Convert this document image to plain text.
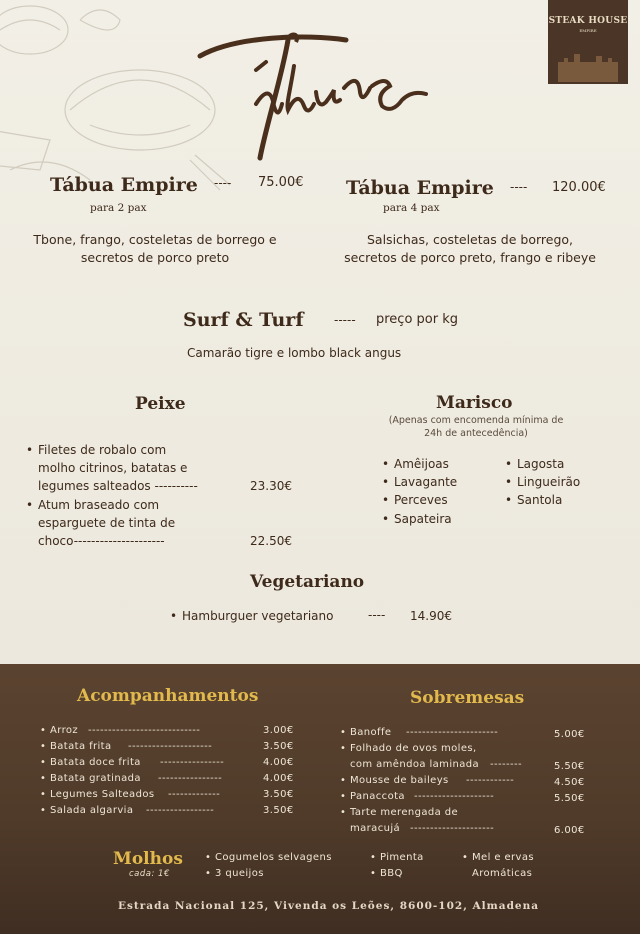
STEAK HOUSE
EMPIRE
Tábuas
Tábua Empire ---- 75.00€
para 2 pax
Tbone, frango, costeletas de borrego e secretos de porco preto
Tábua Empire ---- 120.00€
para 4 pax
Salsichas, costeletas de borrego, secretos de porco preto, frango e ribeye
Surf & Turf	----- preço por kg
Camarão tigre e lombo black angus
Peixe
• Filetes de robalo com
molho citrinos, batatas e
legumes salteados ----------	23.30€
• Atum braseado com
esparguete de tinta de
choco---------------------	22.50€
Marisco
(Apenas com encomenda mínima de 24h de antecedência)
• Amêijoas
• Lavagante
• Perceves
• Sapateira
• Lagosta
• Lingueirão
• Santola
Vegetariano
• Hamburguer vegetariano	---- 14.90€
Acompanhamentos
• Arroz ----------------------------	3.00€
• Batata frita ---------------------	3.50€
• Batata doce frita ----------------	4.00€
• Batata gratinada ----------------	4.00€
• Legumes Salteados -------------	3.50€
• Salada algarvia -----------------	3.50€
Sobremesas
• Banoffe -----------------------	5.00€
• Folhado de ovos moles,
com amêndoa laminada --------	5.50€
• Mousse de baileys ------------	4.50€
• Panaccota --------------------	5.50€
• Tarte merengada de
maracujá ---------------------	6.00€
Molhos
cada: 1€
• Cogumelos selvagens
• 3 queijos
• Pimenta
• BBQ
• Mel e ervas
Aromáticas
Estrada Nacional 125, Vivenda os Leões, 8600-102, Almadena
